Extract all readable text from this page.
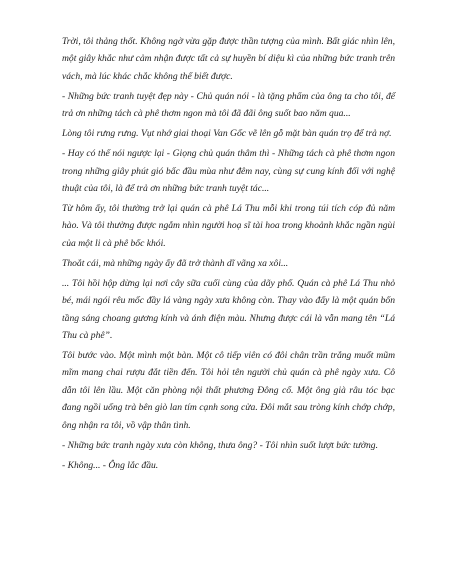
Trời, tôi thảng thốt. Không ngờ vừa gặp được thần tượng của mình. Bất giác nhìn lên, một giây khắc như cảm nhận được tất cả sự huyền bí diệu kì của những bức tranh trên vách, mà lúc khác chắc không thể biết được.

- Những bức tranh tuyệt đẹp này - Chủ quán nói - là tặng phẩm của ông ta cho tôi, để trả ơn những tách cà phê thơm ngon mà tôi đã đãi ông suốt bao năm qua...

Lòng tôi rưng rưng. Vụt nhớ giai thoại Van Gốc vẽ lên gỗ mặt bàn quán trọ để trả nợ.

- Hay có thể nói ngược lại - Giọng chủ quán thâm thì - Những tách cà phê thơm ngon trong những giây phút gió bấc đầu mùa như đêm nay, cùng sự cung kính đối với nghệ thuật của tôi, là để trả ơn những bức tranh tuyệt tác...

Từ hôm ấy, tôi thường trở lại quán cà phê Lá Thu mỗi khi trong túi tích cóp đủ năm hào. Và tôi thường được ngắm nhìn người hoạ sĩ tài hoa trong khoảnh khắc ngần ngùi của một li cà phê bốc khói.

Thoắt cái, mà những ngày ấy đã trở thành dĩ vãng xa xôi...

... Tôi hồi hộp dừng lại nơi cây sữa cuối cùng của dãy phố. Quán cà phê Lá Thu nhỏ bé, mái ngói rêu mốc đầy lá vàng ngày xưa không còn. Thay vào đấy là một quán bốn tầng sáng choang gương kính và ánh điện màu. Nhưng được cái là vẫn mang tên “Lá Thu cà phê”.

Tôi bước vào. Một mình một bàn. Một cô tiếp viên có đôi chân trần trắng muốt mũm mĩm mang chai rượu đắt tiền đến. Tôi hỏi tên người chủ quán cà phê ngày xưa. Cô dẫn tôi lên lầu. Một căn phòng nội thất phương Đông cổ. Một ông già râu tóc bạc đang ngồi uống trà bên giò lan tím cạnh song cửa. Đôi mắt sau tròng kính chớp chớp, ông nhận ra tôi, vồ vập thân tình.

- Những bức tranh ngày xưa còn không, thưa ông? - Tôi nhìn suốt lượt bức tường.

- Không... - Ông lắc đầu.
